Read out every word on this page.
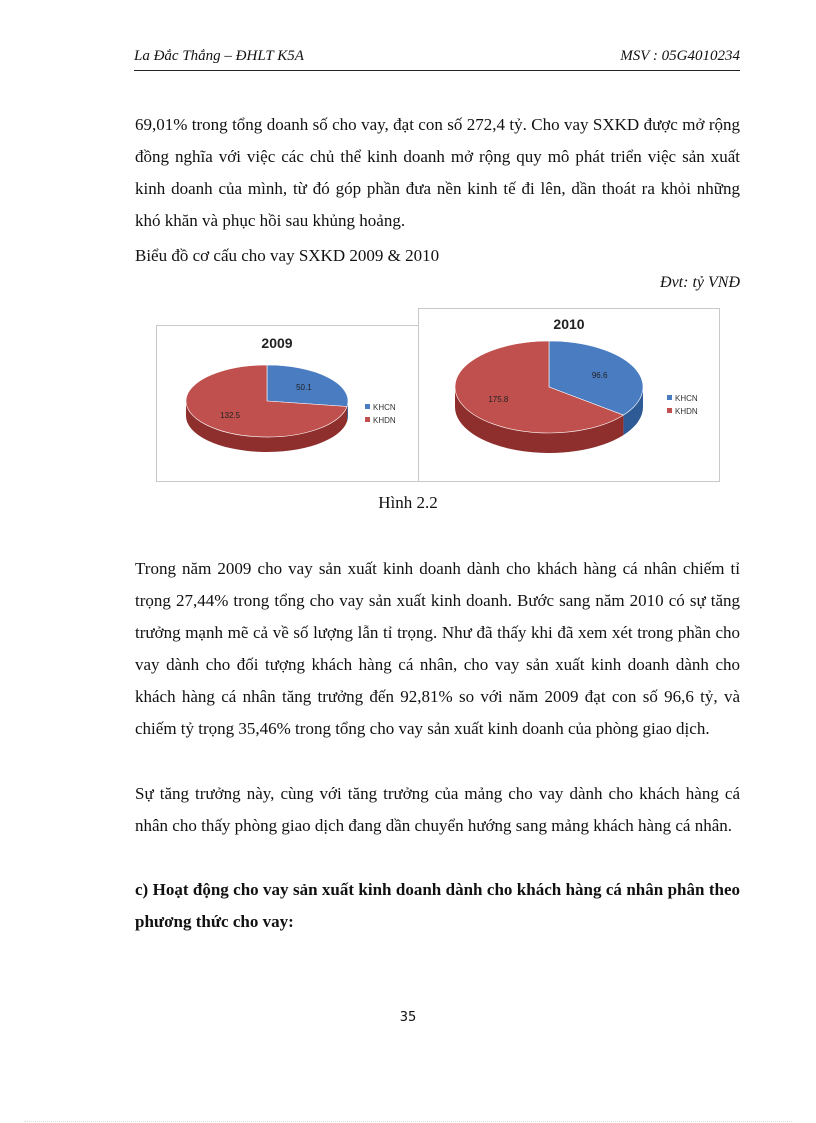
La Đắc Thắng – ĐHLT K5A	MSV : 05G4010234
69,01% trong tổng doanh số cho vay, đạt con số 272,4 tỷ. Cho vay SXKD được mở rộng đồng nghĩa với việc các chủ thể kinh doanh mở rộng quy mô phát triển việc sản xuất kinh doanh của mình, từ đó góp phần đưa nền kinh tế đi lên, dần thoát ra khỏi những khó khăn và phục hồi sau khủng hoảng.
Biểu đồ cơ cấu cho vay SXKD 2009 & 2010
Đvt: tỷ VNĐ
50.1
132.5
2009
KHCN
KHDN
96.6
175.8
2010
KHCN
KHDN
Hình 2.2
Trong năm 2009 cho vay sản xuất kinh doanh dành cho khách hàng cá nhân chiếm tỉ trọng 27,44% trong tổng cho vay sản xuất kinh doanh. Bước sang năm 2010 có sự tăng trưởng mạnh mẽ cả về số lượng lẫn tỉ trọng. Như đã thấy khi đã xem xét trong phần cho vay dành cho đối tượng khách hàng cá nhân, cho vay sản xuất kinh doanh dành cho khách hàng cá nhân tăng trưởng đến 92,81% so với năm 2009 đạt con số 96,6 tỷ, và chiếm tỷ trọng 35,46% trong tổng cho vay sản xuất kinh doanh của phòng giao dịch.
Sự tăng trưởng này, cùng với tăng trưởng của mảng cho vay dành cho khách hàng cá nhân cho thấy phòng giao dịch đang dần chuyển hướng sang mảng khách hàng cá nhân.
c) Hoạt động cho vay sản xuất kinh doanh dành cho khách hàng cá nhân phân theo phương thức cho vay:
35
